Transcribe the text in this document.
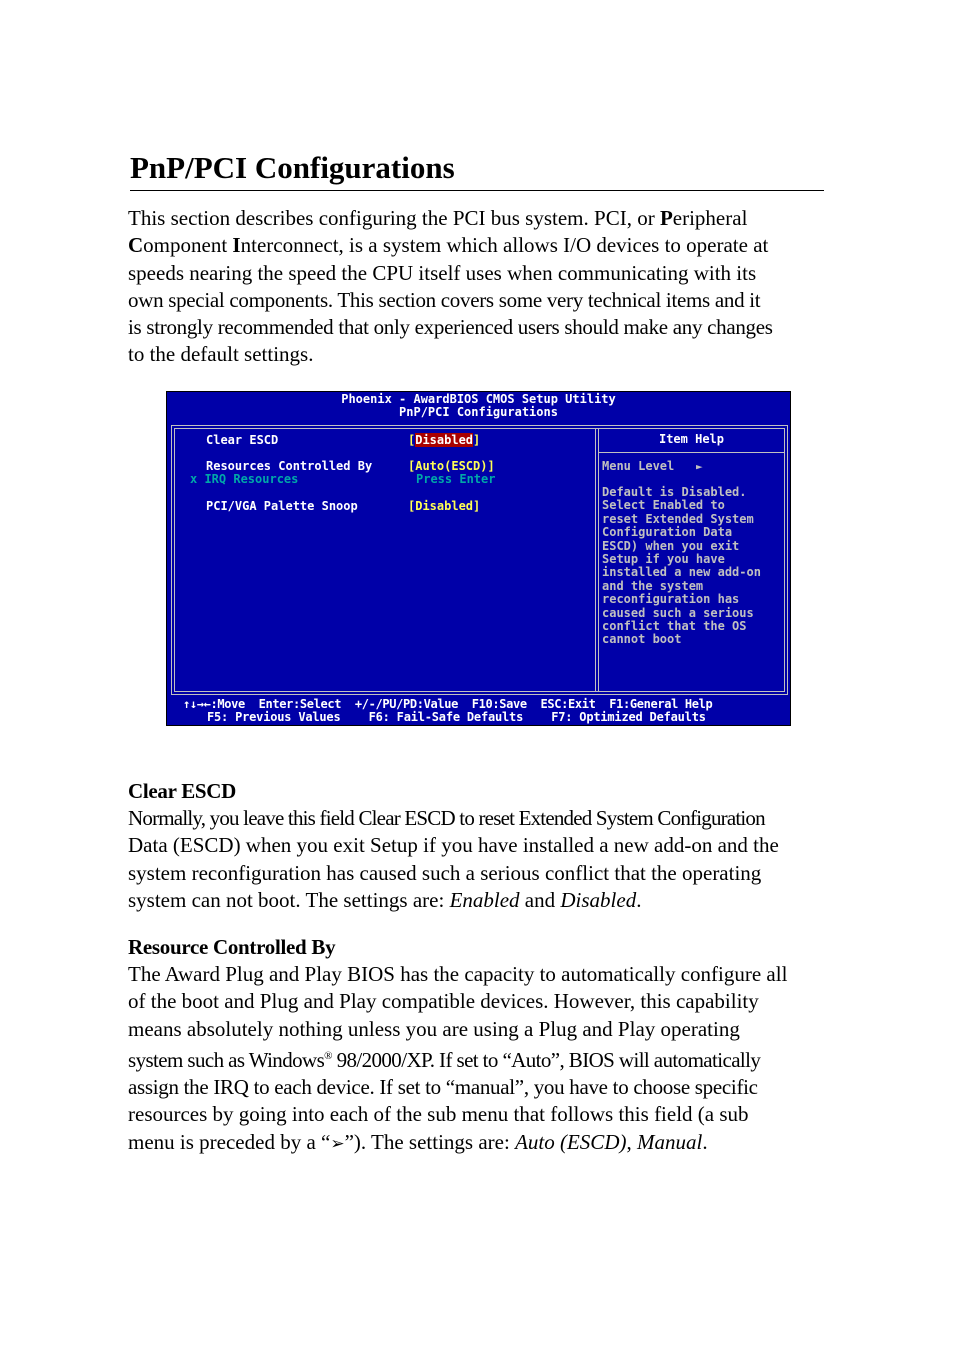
PnP/PCI Configurations

This section describes configuring the PCI bus system. PCI, or Peripheral

Component Interconnect, is a system which allows I/O devices to operate at

speeds nearing the speed the CPU itself uses when communicating with its

own special components. This section covers some very technical items and it

is strongly recommended that only experienced users should make any changes

to the default settings.

Phoenix - AwardBIOS CMOS Setup Utility
PnP/PCI Configurations
Item Help
Clear ESCD	[Disabled]
Resources Controlled By	[Auto(ESCD)]
x IRQ Resources	Press Enter
PCI/VGA Palette Snoop	[Disabled]
Menu Level ►
Default is Disabled.
Select Enabled to
reset Extended System
Configuration Data
ESCD) when you exit
Setup if you have
installed a new add-on
and the system
reconfiguration has
caused such a serious
conflict that the OS
cannot boot
↑↓→←:Move  Enter:Select  +/-/PU/PD:Value  F10:Save  ESC:Exit  F1:General Help
F5: Previous Values    F6: Fail-Safe Defaults    F7: Optimized Defaults
Clear ESCD

Normally, you leave this field Clear ESCD to reset Extended System Configuration

Data (ESCD) when you exit Setup if you have installed a new add-on and the

system reconfiguration has caused such a serious conflict that the operating

system can not boot. The settings are: Enabled and Disabled.

Resource Controlled By

The Award Plug and Play BIOS has the capacity to automatically configure all

of the boot and Plug and Play compatible devices. However, this capability

means absolutely nothing unless you are using a Plug and Play operating

system such as Windows® 98/2000/XP. If set to “Auto”, BIOS will automatically

assign the IRQ to each device. If set to “manual”, you have to choose specific

resources by going into each of the sub menu that follows this field (a sub

menu is preceded by a “➢”). The settings are: Auto (ESCD), Manual.
